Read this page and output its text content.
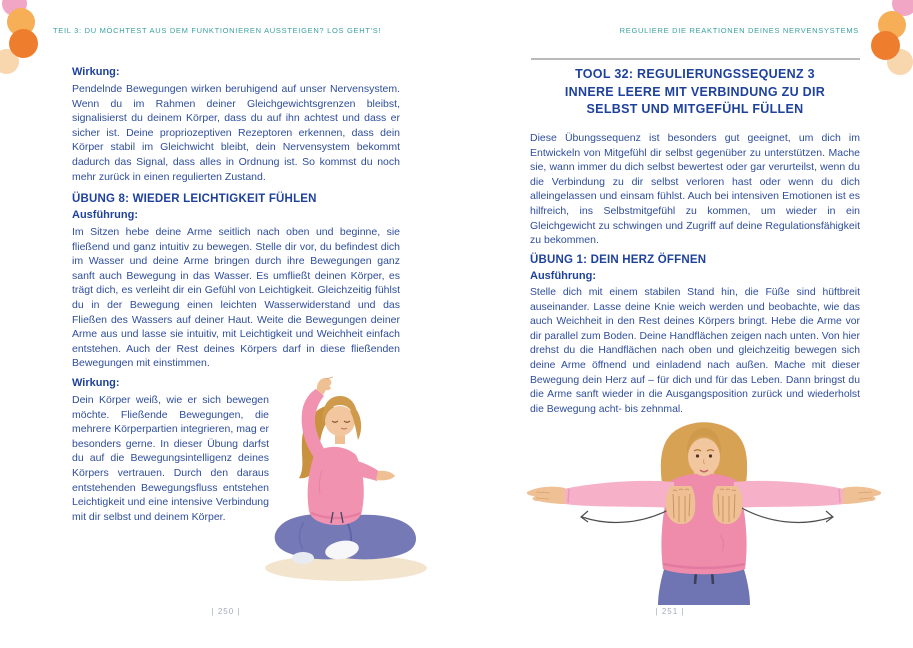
TEIL 3: DU MÖCHTEST AUS DEM FUNKTIONIEREN AUSSTEIGEN? LOS GEHT'S!	REGULIERE DIE REAKTIONEN DEINES NERVENSYSTEMS
Wirkung:
Pendelnde Bewegungen wirken beruhigend auf unser Nervensystem. Wenn du im Rahmen deiner Gleichgewichtsgrenzen bleibst, signalisierst du deinem Körper, dass du auf ihn achtest und dass er sicher ist. Deine propriozeptiven Rezeptoren erkennen, dass dein Körper stabil im Gleichwicht bleibt, dein Nervensystem bekommt dadurch das Signal, dass alles in Ordnung ist. So kommst du noch mehr zurück in einen regulierten Zustand.
ÜBUNG 8: WIEDER LEICHTIGKEIT FÜHLEN
Ausführung:
Im Sitzen hebe deine Arme seitlich nach oben und beginne, sie fließend und ganz intuitiv zu bewegen. Stelle dir vor, du befindest dich im Wasser und deine Arme bringen durch ihre Bewegungen ganz sanft auch Bewegung in das Wasser. Es umfließt deinen Körper, es trägt dich, es verleiht dir ein Gefühl von Leichtigkeit. Gleichzeitig fühlst du in der Bewegung einen leichten Wasserwiderstand und das Fließen des Wassers auf deiner Haut. Weite die Bewegungen deiner Arme aus und lasse sie intuitiv, mit Leichtigkeit und Weichheit einfach entstehen. Auch der Rest deines Körpers darf in diese fließenden Bewegungen mit einstimmen.
Wirkung:
Dein Körper weiß, wie er sich bewegen möchte. Fließende Bewegungen, die mehrere Körperpartien integrieren, mag er besonders gerne. In dieser Übung darfst du auf die Bewegungsintelligenz deines Körpers vertrauen. Durch den daraus entstehenden Bewegungsfluss entstehen Leichtigkeit und eine intensive Verbindung mit dir selbst und deinem Körper.
| 250 |
TOOL 32: REGULIERUNGSSEQUENZ 3
INNERE LEERE MIT VERBINDUNG ZU DIR
SELBST UND MITGEFÜHL FÜLLEN
Diese Übungssequenz ist besonders gut geeignet, um dich im Entwickeln von Mitgefühl dir selbst gegenüber zu unterstützen. Mache sie, wann immer du dich selbst bewertest oder gar verurteilst, wenn du die Verbindung zu dir selbst verloren hast oder wenn du dich alleingelassen und einsam fühlst. Auch bei intensiven Emotionen ist es hilfreich, ins Selbstmitgefühl zu kommen, um wieder in ein Gleichgewicht zu schwingen und Zugriff auf deine Regulationsfähigkeit zu bekommen.
ÜBUNG 1: DEIN HERZ ÖFFNEN
Ausführung:
Stelle dich mit einem stabilen Stand hin, die Füße sind hüftbreit auseinander. Lasse deine Knie weich werden und beobachte, wie das auch Weichheit in den Rest deines Körpers bringt. Hebe die Arme vor dir parallel zum Boden. Deine Handflächen zeigen nach unten. Von hier drehst du die Handflächen nach oben und gleichzeitig bewegen sich deine Arme öffnend und einladend nach außen. Mache mit dieser Bewegung dein Herz auf – für dich und für das Leben. Dann bringst du die Arme sanft wieder in die Ausgangsposition zurück und wiederholst die Bewegung acht- bis zehnmal.
| 251 |
